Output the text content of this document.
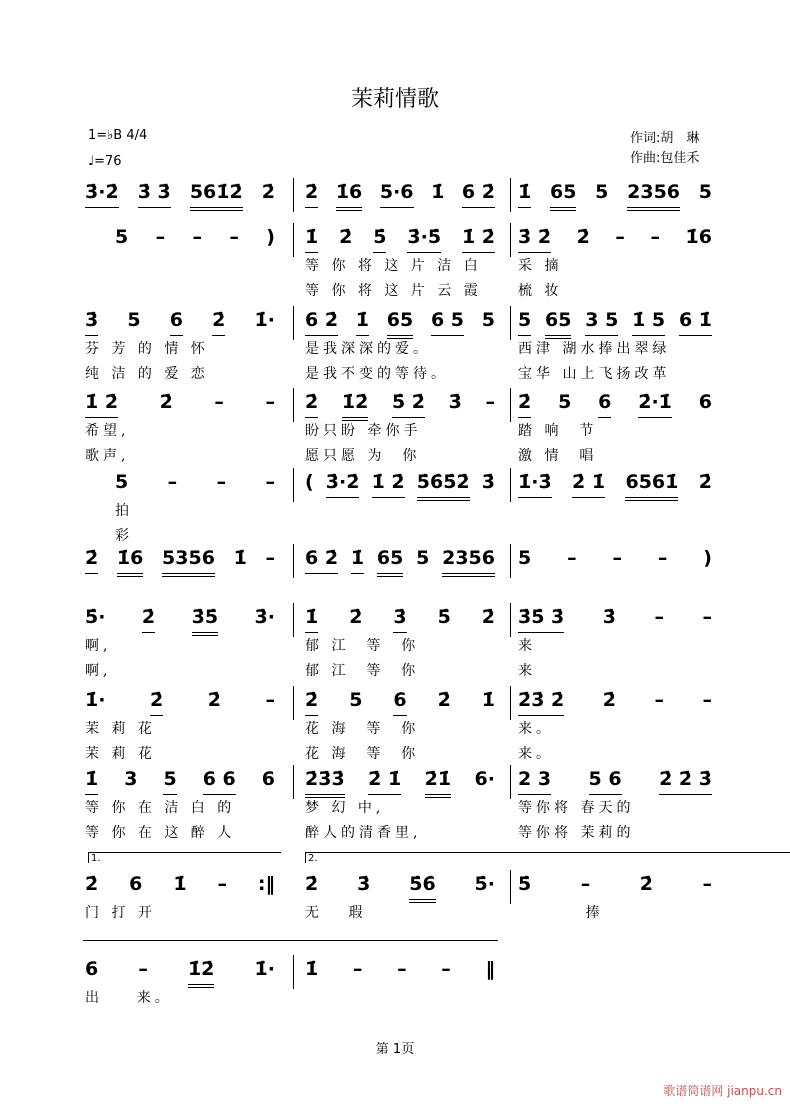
茉莉情歌
1=♭B 4/4
♩=76
作词:胡　琳
作曲:包佳禾
3̇·2̇ 3̇ 3̇ 561̇2̇ 2̇ 2̇ 1̇6 5·6 1̇ 6 2̇ 1̇ 65 5 2356 5
5 – – – ) 1̇ 2̇ 5̇ 3̇·5̇ 1̇ 2̇
等 你 将 这 片 洁 白
等 你 将 这 片 云 霞
3̇ 2̇ 2̇ – – 1̇6
采 摘
梳 妆
3̇ 5 6 2̇ 1̇·
芬 芳 的 情 怀
纯 洁 的 爱 恋
6 2̇ 1̇ 65 6 5 5
是我深深的爱。
是我不变的等待。
5 65 3 5 1̇ 5 6 1̇
西津 湖水捧出翠绿
宝华 山上飞扬改革
1̇ 2̇ 2̇ – –
希望,
歌声,
2̇ 1̇2̇ 5̇ 2̇ 3̇ –
盼只盼 牵你手
愿只愿 为  你
2̇ 5 6 2̇·1̇ 6
踏 响  节
激 情  唱
5 – – –
拍
彩
( 3̇·2̇ 1̇ 2̇ 5̇6̇5̇2̇ 3̇ 1̇·3̇ 2̇ 1̇ 6561̇ 2̇
2̇ 1̇6 5356 1̇ – 6 2̇ 1̇ 65 5 2356 5 – – – )
5̇· 2̇ 3̇5̇ 3̇·
啊,
啊,
1̇ 2̇ 3̇ 5̇ 2̇
郁 江  等  你
郁 江  等  你
3̇5̇ 3̇ 3̇ – –
来
来
1̇· 2̇ 2̇ –
茉 莉 花
茉 莉 花
2̇ 5 6 2̇ 1̇
花 海  等  你
花 海  等  你
2̇3̇ 2̇ 2̇ – –
来。
来。
1̇ 3 5 6 6 6
等 你 在 洁 白 的
等 你 在 这 醉 人
2̇3̇3̇ 2̇ 1̇ 2̇1̇ 6·
梦 幻 中,
醉人的清香里,
2 3 5 6 2̇ 2̇ 3̇
等你将 春天的
等你将 茉莉的
2̇ 6 1̇ – :‖
门 打 开
2̇ 3̇ 5̇6̇ 5̇·
无   瑕
5̇	–	2̇	–
捧
6 – 1̇2̇ 1̇·
出    来。
1̇ – – – ‖
1.	2.
第 1页
歌谱简谱网 jianpu.cn
